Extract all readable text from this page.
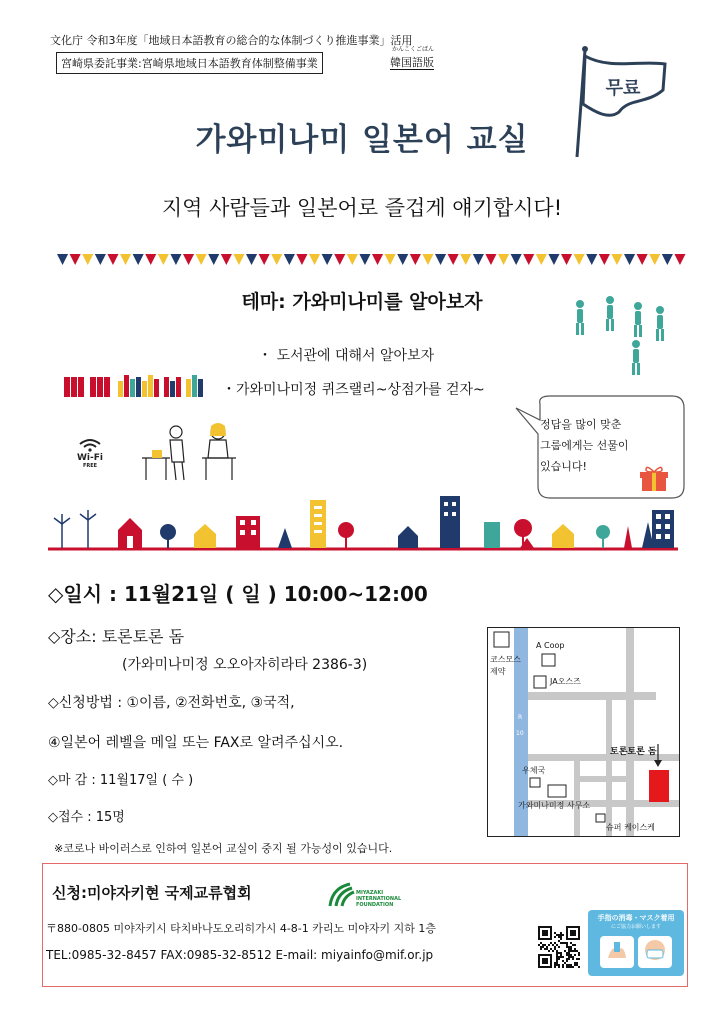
文化庁 令和3年度「地域日本語教育の総合的な体制づくり推進事業」活用
宮崎県委託事業:宮崎県地域日本語教育体制整備事業
かんこくごばん
韓国語版
무료
가와미나미 일본어 교실
지역 사람들과 일본어로 즐겁게 얘기합시다!
테마: 가와미나미를 알아보자
・ 도서관에 대해서 알아보자
・가와미나미정 퀴즈랠리~상점가를 걷자~
Wi-Fi
FREE
정답을 많이 맞춘
그룹에게는 선물이
있습니다!
◇일시 : 11월21일 ( 일 ) 10:00~12:00
◇장소: 토론토론 돔
(가와미나미정 오오아자히라타 2386-3)
◇신청방법 : ①이름, ②전화번호, ③국적,
④일본어 레벨을 메일 또는 FAX로 알려주십시오.
◇마 감 : 11월17일 ( 수 )
◇접수 : 15명
※코로나 바이러스로 인하여 일본어 교실이 중지 될 가능성이 있습니다.
코스모스
제약
A Coop
JA오스즈
R
10
우체국
토론토론 돔
가와미나미정 사무소
슈퍼 케이스케
신청:미야자키현 국제교류협회	MIYAZAKI
INTERNATIONAL
FOUNDATION
〒880-0805 미야자키시 타치바나도오리히가시 4-8-1 카리노 미야자키 지하 1층
TEL:0985-32-8457 FAX:0985-32-8512 E-mail: miyainfo@mif.or.jp
手指の消毒・マスク着用
にご協力お願いします
